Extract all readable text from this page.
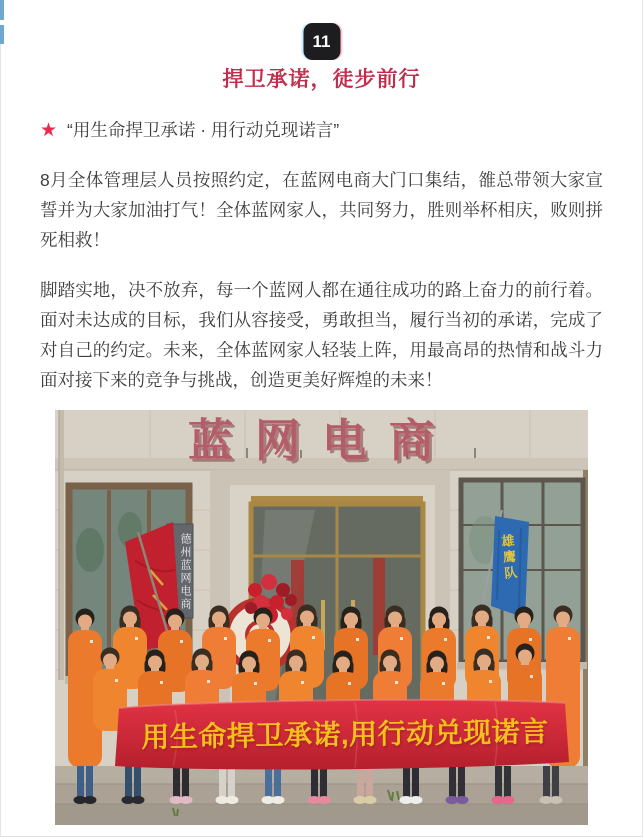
11
捍卫承诺，徒步前行
★ “用生命捍卫承诺 · 用行动兑现诺言”
8月全体管理层人员按照约定，在蓝网电商大门口集结，雒总带领大家宣誓并为大家加油打气！全体蓝网家人，共同努力，胜则举杯相庆，败则拼死相救！
脚踏实地，决不放弃，每一个蓝网人都在通往成功的路上奋力的前行着。面对未达成的目标，我们从容接受，勇敢担当，履行当初的承诺，完成了对自己的约定。未来，全体蓝网家人轻装上阵，用最高昂的热情和战斗力面对接下来的竞争与挑战，创造更美好辉煌的未来！
蓝网电商
德州蓝网电商	雄鹰队
用生命捍卫承诺,用行动兑现诺言
